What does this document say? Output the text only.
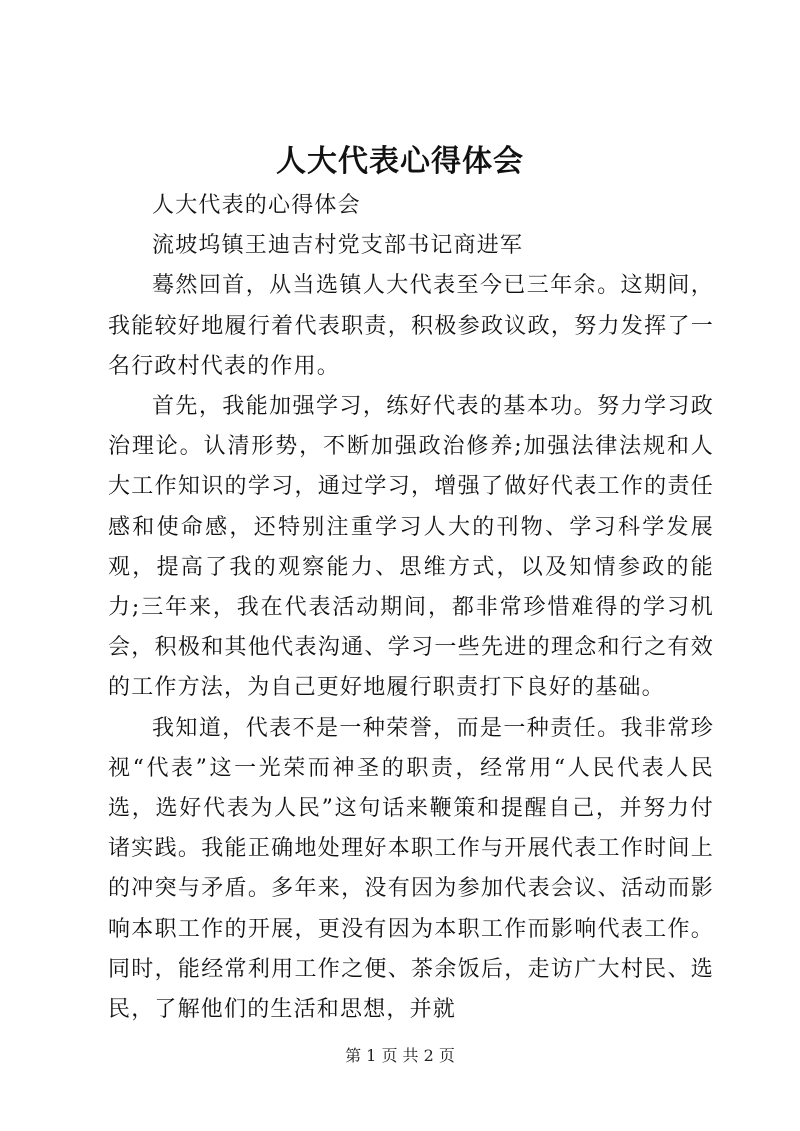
人大代表心得体会

人大代表的心得体会

流坡坞镇王迪吉村党支部书记商进军

蓦然回首，从当选镇人大代表至今已三年余。这期间，我能较好地履行着代表职责，积极参政议政，努力发挥了一名行政村代表的作用。

首先，我能加强学习，练好代表的基本功。努力学习政治理论。认清形势，不断加强政治修养;加强法律法规和人大工作知识的学习，通过学习，增强了做好代表工作的责任感和使命感，还特别注重学习人大的刊物、学习科学发展观，提高了我的观察能力、思维方式，以及知情参政的能力;三年来，我在代表活动期间，都非常珍惜难得的学习机会，积极和其他代表沟通、学习一些先进的理念和行之有效的工作方法，为自己更好地履行职责打下良好的基础。

我知道，代表不是一种荣誉，而是一种责任。我非常珍视“代表”这一光荣而神圣的职责，经常用“人民代表人民选，选好代表为人民”这句话来鞭策和提醒自己，并努力付诸实践。我能正确地处理好本职工作与开展代表工作时间上的冲突与矛盾。多年来，没有因为参加代表会议、活动而影响本职工作的开展，更没有因为本职工作而影响代表工作。同时，能经常利用工作之便、茶余饭后，走访广大村民、选民，了解他们的生活和思想，并就

第 1 页 共 2 页
